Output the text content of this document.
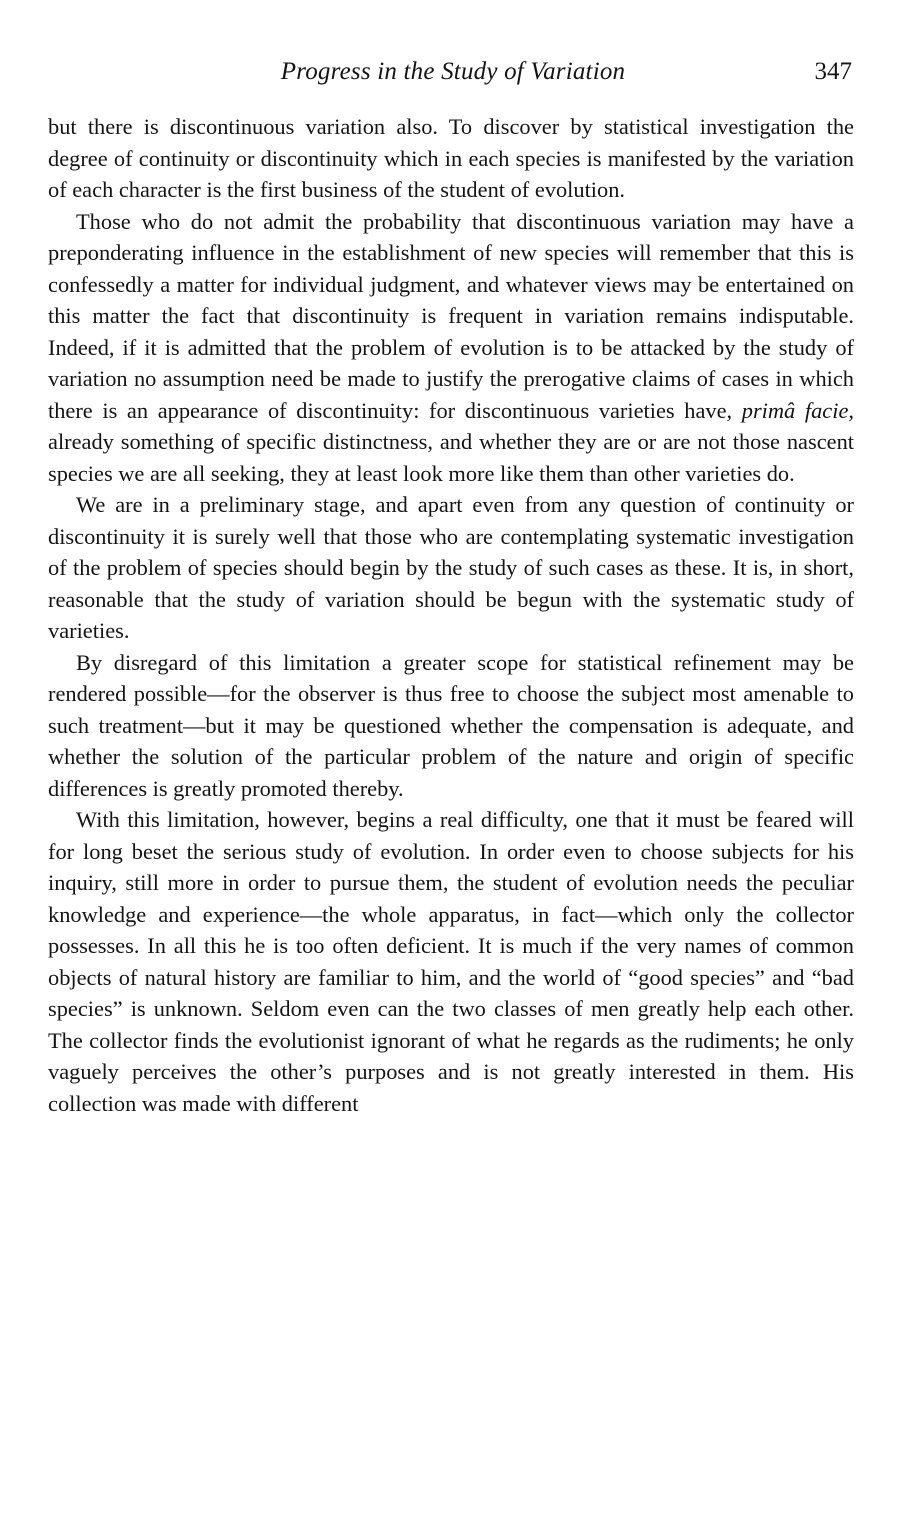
Progress in the Study of Variation	347

but there is discontinuous variation also. To discover by statistical investigation the degree of continuity or discontinuity which in each species is manifested by the variation of each character is the first business of the student of evolution.

Those who do not admit the probability that discontinuous variation may have a preponderating influence in the establishment of new species will remember that this is confessedly a matter for individual judgment, and whatever views may be entertained on this matter the fact that discontinuity is frequent in variation remains indisputable. Indeed, if it is admitted that the problem of evolution is to be attacked by the study of variation no assumption need be made to justify the prerogative claims of cases in which there is an appearance of discontinuity: for discontinuous varieties have, primâ facie, already something of specific distinctness, and whether they are or are not those nascent species we are all seeking, they at least look more like them than other varieties do.

We are in a preliminary stage, and apart even from any question of continuity or discontinuity it is surely well that those who are contemplating systematic investigation of the problem of species should begin by the study of such cases as these. It is, in short, reasonable that the study of variation should be begun with the systematic study of varieties.

By disregard of this limitation a greater scope for statistical refinement may be rendered possible—for the observer is thus free to choose the subject most amenable to such treatment—but it may be questioned whether the compensation is adequate, and whether the solution of the particular problem of the nature and origin of specific differences is greatly promoted thereby.

With this limitation, however, begins a real difficulty, one that it must be feared will for long beset the serious study of evolution. In order even to choose subjects for his inquiry, still more in order to pursue them, the student of evolution needs the peculiar knowledge and experience—the whole apparatus, in fact—which only the collector possesses. In all this he is too often deficient. It is much if the very names of common objects of natural history are familiar to him, and the world of “good species” and “bad species” is unknown. Seldom even can the two classes of men greatly help each other. The collector finds the evolutionist ignorant of what he regards as the rudiments; he only vaguely perceives the other’s purposes and is not greatly interested in them. His collection was made with different
